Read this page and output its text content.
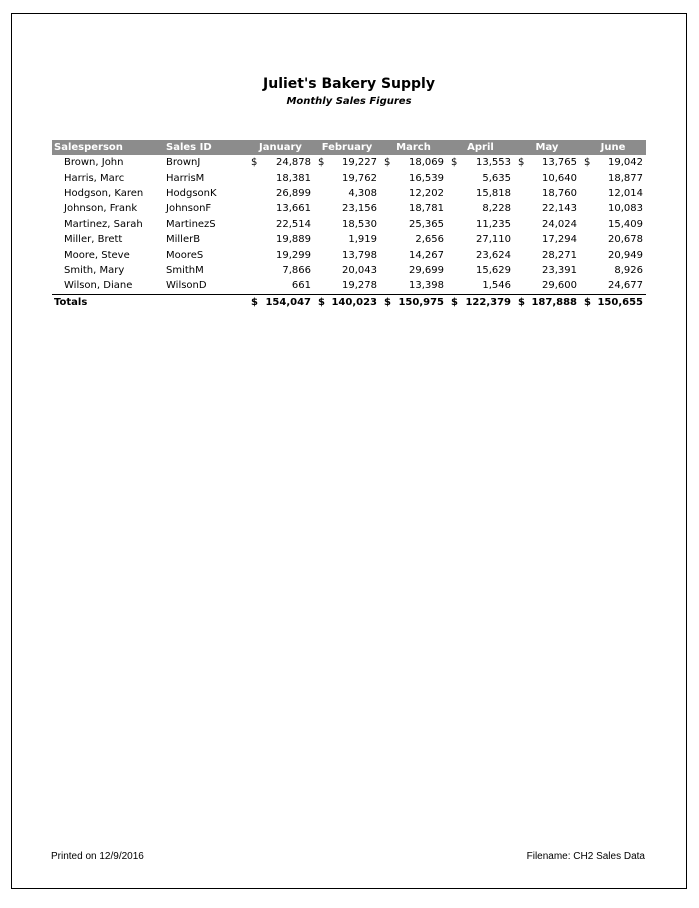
Juliet's Bakery Supply
Monthly Sales Figures
Salesperson	Sales ID	January	February	March	April	May	June
Brown, John	BrownJ	$ 24,878	$ 19,227	$ 18,069	$ 13,553	$ 13,765	$ 19,042

Harris, Marc	HarrisM	18,381	19,762	16,539	5,635	10,640	18,877

Hodgson, Karen	HodgsonK	26,899	4,308	12,202	15,818	18,760	12,014

Johnson, Frank	JohnsonF	13,661	23,156	18,781	8,228	22,143	10,083

Martinez, Sarah	MartinezS	22,514	18,530	25,365	11,235	24,024	15,409

Miller, Brett	MillerB	19,889	1,919	2,656	27,110	17,294	20,678

Moore, Steve	MooreS	19,299	13,798	14,267	23,624	28,271	20,949

Smith, Mary	SmithM	7,866	20,043	29,699	15,629	23,391	8,926

Wilson, Diane	WilsonD	661	19,278	13,398	1,546	29,600	24,677

Totals		$ 154,047	$ 140,023	$ 150,975	$ 122,379	$ 187,888	$ 150,655
Printed on 12/9/2016	Filename: CH2 Sales Data
